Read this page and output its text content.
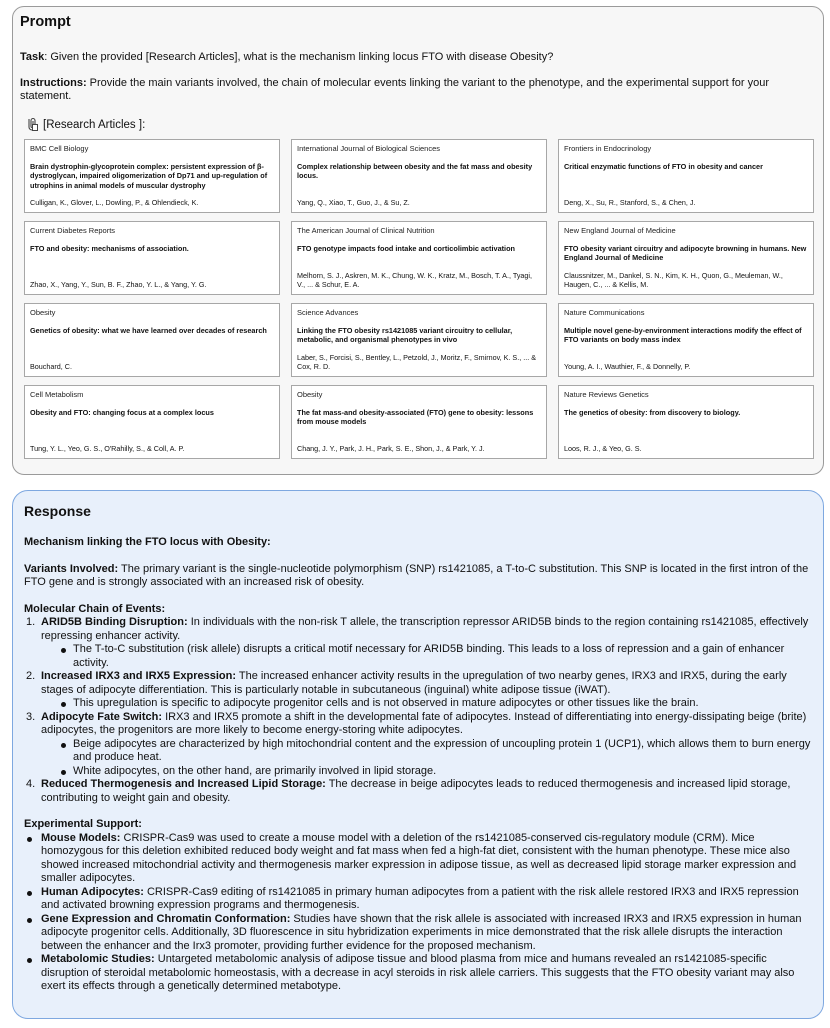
Prompt
Task: Given the provided [Research Articles], what is the mechanism linking locus FTO with disease Obesity?
Instructions: Provide the main variants involved, the chain of molecular events linking the variant to the phenotype, and the experimental support for your statement.
[Research Articles ]:
BMC Cell Biology
Brain dystrophin-glycoprotein complex: persistent expression of β-dystroglycan, impaired oligomerization of Dp71 and up-regulation of utrophins in animal models of muscular dystrophy
Culligan, K., Glover, L., Dowling, P., & Ohlendieck, K.
International Journal of Biological Sciences
Complex relationship between obesity and the fat mass and obesity locus.
Yang, Q., Xiao, T., Guo, J., & Su, Z.
Frontiers in Endocrinology
Critical enzymatic functions of FTO in obesity and cancer
Deng, X., Su, R., Stanford, S., & Chen, J.
Current Diabetes Reports
FTO and obesity: mechanisms of association.
Zhao, X., Yang, Y., Sun, B. F., Zhao, Y. L., & Yang, Y. G.
The American Journal of Clinical Nutrition
FTO genotype impacts food intake and corticolimbic activation
Melhorn, S. J., Askren, M. K., Chung, W. K., Kratz, M., Bosch, T. A., Tyagi, V., ... & Schur, E. A.
New England Journal of Medicine
FTO obesity variant circuitry and adipocyte browning in humans. New England Journal of Medicine
Claussnitzer, M., Dankel, S. N., Kim, K. H., Quon, G., Meuleman, W., Haugen, C., ... & Kellis, M.
Obesity
Genetics of obesity: what we have learned over decades of research
Bouchard, C.
Science Advances
Linking the FTO obesity rs1421085 variant circuitry to cellular, metabolic, and organismal phenotypes in vivo
Laber, S., Forcisi, S., Bentley, L., Petzold, J., Moritz, F., Smirnov, K. S., ... & Cox, R. D.
Nature Communications
Multiple novel gene-by-environment interactions modify the effect of FTO variants on body mass index
Young, A. I., Wauthier, F., & Donnelly, P.
Cell Metabolism
Obesity and FTO: changing focus at a complex locus
Tung, Y. L., Yeo, G. S., O'Rahilly, S., & Coll, A. P.
Obesity
The fat mass-and obesity-associated (FTO) gene to obesity: lessons from mouse models
Chang, J. Y., Park, J. H., Park, S. E., Shon, J., & Park, Y. J.
Nature Reviews Genetics
The genetics of obesity: from discovery to biology.
Loos, R. J., & Yeo, G. S.
Response
Mechanism linking the FTO locus with Obesity:
Variants Involved: The primary variant is the single-nucleotide polymorphism (SNP) rs1421085, a T-to-C substitution. This SNP is located in the first intron of the FTO gene and is strongly associated with an increased risk of obesity.
Molecular Chain of Events:
1. ARID5B Binding Disruption: In individuals with the non-risk T allele, the transcription repressor ARID5B binds to the region containing rs1421085, effectively repressing enhancer activity.
The T-to-C substitution (risk allele) disrupts a critical motif necessary for ARID5B binding. This leads to a loss of repression and a gain of enhancer activity.
2. Increased IRX3 and IRX5 Expression: The increased enhancer activity results in the upregulation of two nearby genes, IRX3 and IRX5, during the early stages of adipocyte differentiation. This is particularly notable in subcutaneous (inguinal) white adipose tissue (iWAT).
This upregulation is specific to adipocyte progenitor cells and is not observed in mature adipocytes or other tissues like the brain.
3. Adipocyte Fate Switch: IRX3 and IRX5 promote a shift in the developmental fate of adipocytes. Instead of differentiating into energy-dissipating beige (brite) adipocytes, the progenitors are more likely to become energy-storing white adipocytes.
Beige adipocytes are characterized by high mitochondrial content and the expression of uncoupling protein 1 (UCP1), which allows them to burn energy and produce heat.
White adipocytes, on the other hand, are primarily involved in lipid storage.
4. Reduced Thermogenesis and Increased Lipid Storage: The decrease in beige adipocytes leads to reduced thermogenesis and increased lipid storage, contributing to weight gain and obesity.
Experimental Support:
Mouse Models: CRISPR-Cas9 was used to create a mouse model with a deletion of the rs1421085-conserved cis-regulatory module (CRM). Mice homozygous for this deletion exhibited reduced body weight and fat mass when fed a high-fat diet, consistent with the human phenotype. These mice also showed increased mitochondrial activity and thermogenesis marker expression in adipose tissue, as well as decreased lipid storage marker expression and smaller adipocytes.
Human Adipocytes: CRISPR-Cas9 editing of rs1421085 in primary human adipocytes from a patient with the risk allele restored IRX3 and IRX5 repression and activated browning expression programs and thermogenesis.
Gene Expression and Chromatin Conformation: Studies have shown that the risk allele is associated with increased IRX3 and IRX5 expression in human adipocyte progenitor cells. Additionally, 3D fluorescence in situ hybridization experiments in mice demonstrated that the risk allele disrupts the interaction between the enhancer and the Irx3 promoter, providing further evidence for the proposed mechanism.
Metabolomic Studies: Untargeted metabolomic analysis of adipose tissue and blood plasma from mice and humans revealed an rs1421085-specific disruption of steroidal metabolomic homeostasis, with a decrease in acyl steroids in risk allele carriers. This suggests that the FTO obesity variant may also exert its effects through a genetically determined metabotype.
